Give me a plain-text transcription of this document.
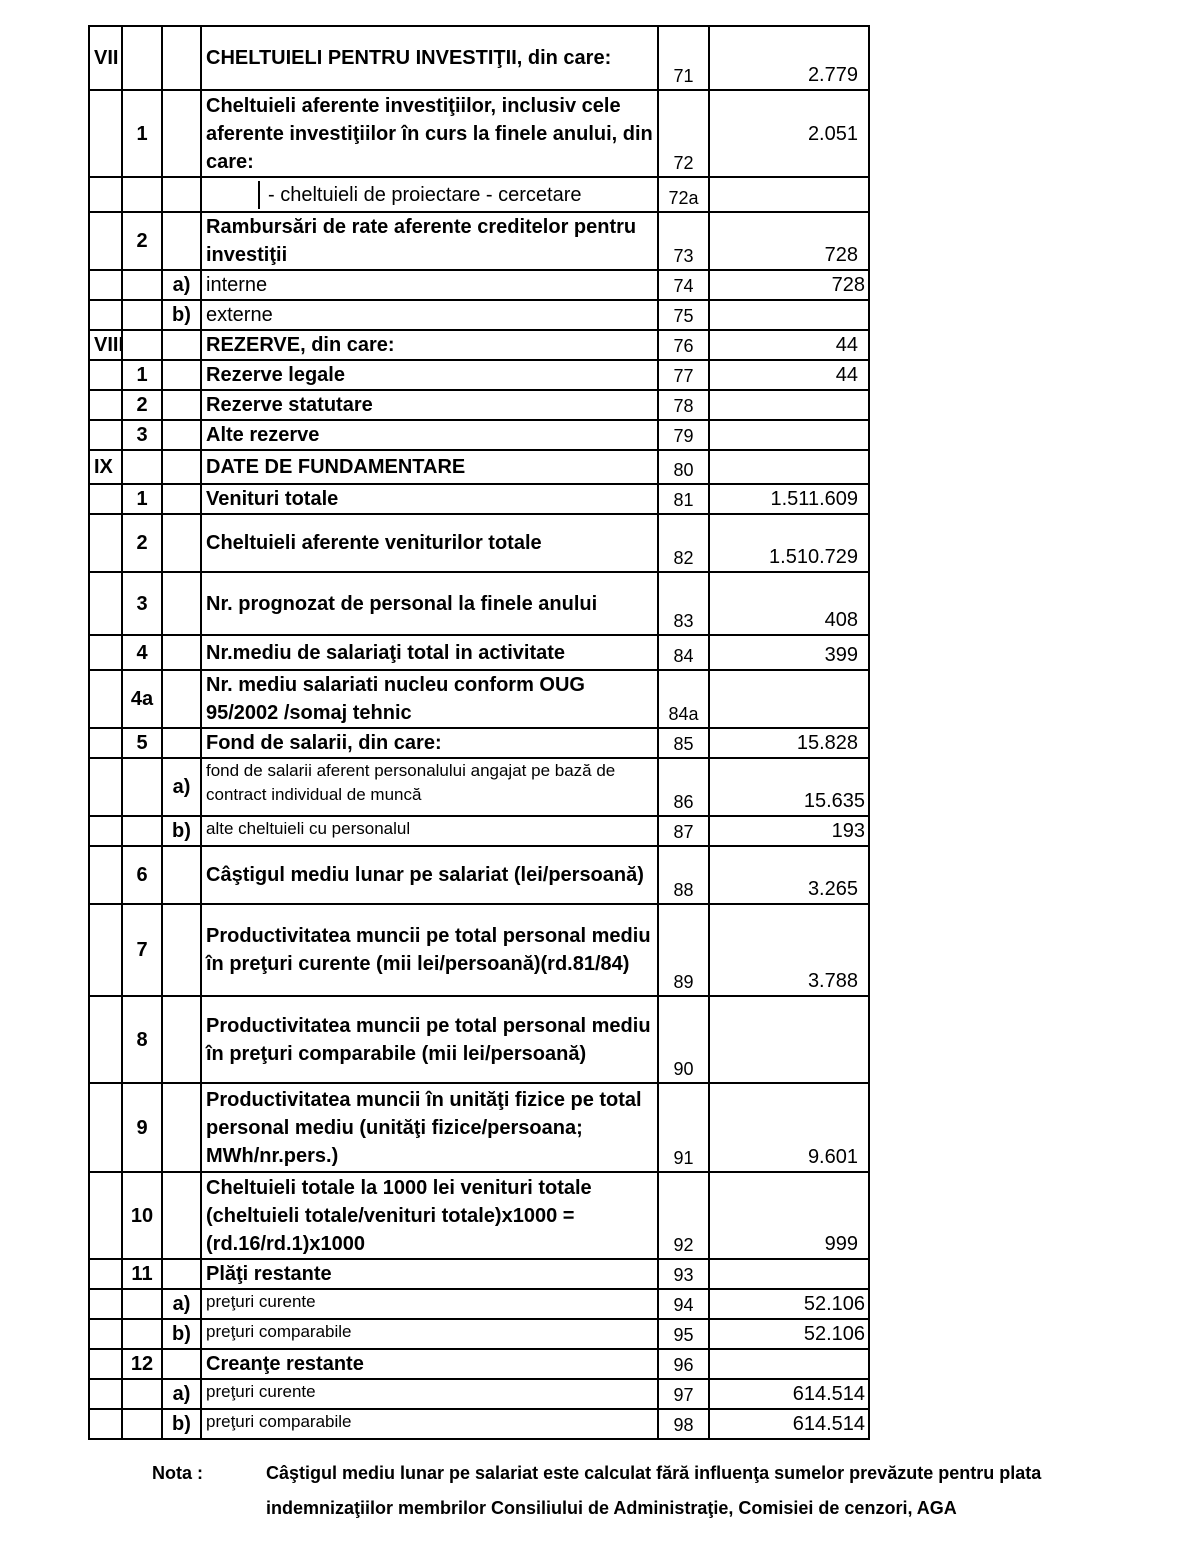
VII			CHELTUIELI PENTRU INVESTIŢII, din care:	71	2.779
	1		Cheltuieli aferente investiţiilor, inclusiv cele aferente investiţiilor în curs la finele anului, din care:	72	2.051

			- cheltuieli de proiectare - cercetare	72a	
	2		Rambursări de rate aferente creditelor pentru investiţii	73	728
		a)	interne	74	728
		b)	externe	75	
VIII			REZERVE, din care:	76	44
	1		Rezerve legale	77	44
	2		Rezerve statutare	78	
	3		Alte rezerve	79	
IX			DATE DE FUNDAMENTARE	80	
	1		Venituri totale	81	1.511.609
	2		Cheltuieli aferente veniturilor totale	82	1.510.729
	3		Nr. prognozat de personal la finele anului	83	408
	4		Nr.mediu de salariaţi total in activitate	84	399
	4a		Nr. mediu salariati nucleu conform OUG 95/2002 /somaj tehnic	84a	
	5		Fond de salarii, din care:	85	15.828
		a)	fond de salarii aferent personalului angajat pe bază de contract individual de muncă	86	15.635
		b)	alte cheltuieli cu personalul	87	193
	6		Câştigul mediu lunar pe salariat (lei/persoană)	88	3.265
	7		Productivitatea muncii pe total personal mediu în preţuri curente (mii lei/persoană)(rd.81/84)	89	3.788
	8		Productivitatea muncii pe total personal mediu în preţuri comparabile (mii lei/persoană)	90	
	9		Productivitatea muncii în unităţi fizice pe total personal mediu (unităţi fizice/persoana; MWh/nr.pers.)	91	9.601
	10		Cheltuieli totale la 1000 lei venituri totale (cheltuieli totale/venituri totale)x1000 =(rd.16/rd.1)x1000	92	999
	11		Plăţi restante	93	
		a)	preţuri curente	94	52.106
		b)	preţuri comparabile	95	52.106
	12		Creanţe restante	96	
		a)	preţuri curente	97	614.514
		b)	preţuri comparabile	98	614.514
Nota :	Câştigul mediu lunar pe salariat este calculat fără influenţa sumelor prevăzute pentru plata
indemnizaţiilor membrilor Consiliului de Administraţie, Comisiei de cenzori, AGA
